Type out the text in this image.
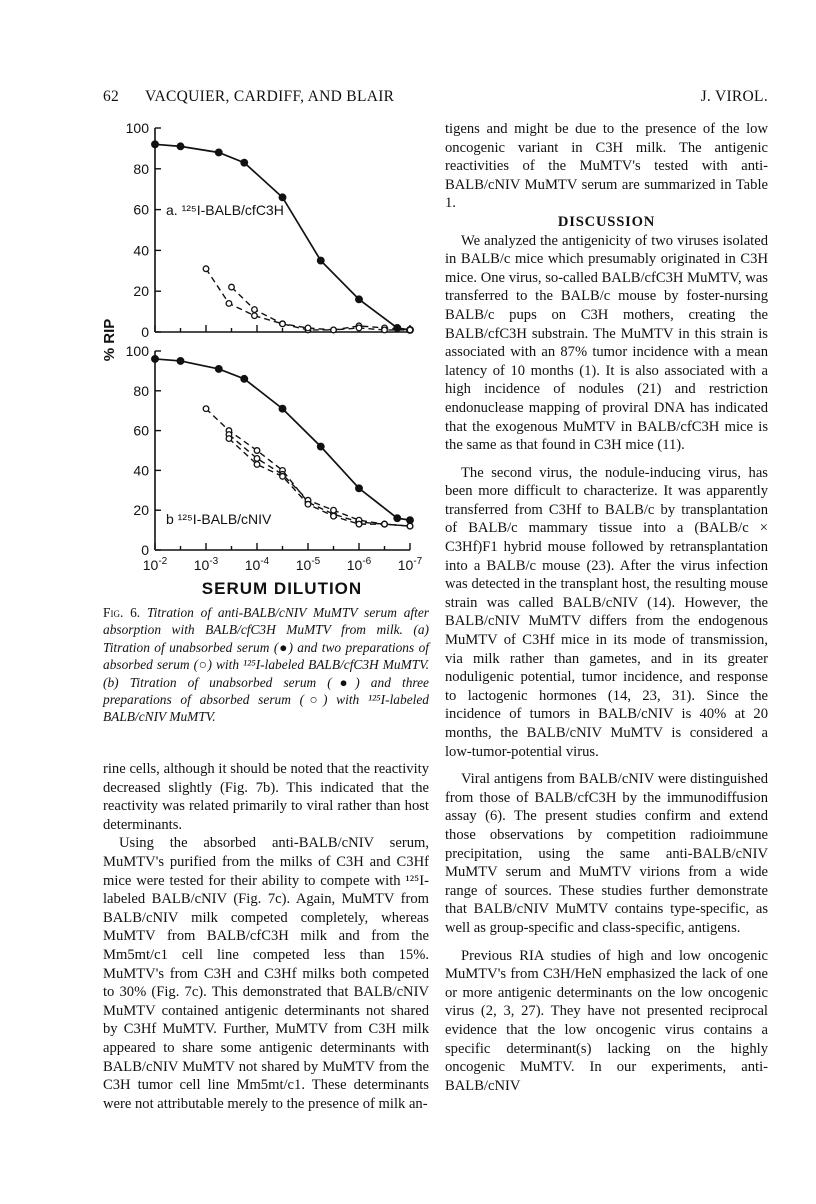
62 VACQUIER, CARDIFF, AND BLAIR	J. VIROL.
0
20
40
60
80
100
a. ¹²⁵I-BALB/cfC3H
0
20
40
60
80
b ¹²⁵I-BALB/cNIV
100
$10^{-2}$ $10^{-3}$ $10^{-4}$ $10^{-5}$ $10^{-6}$ $10^{-7}$
SERUM DILUTION
% RIP
Fig. 6. Titration of anti-BALB/cNIV MuMTV serum after absorption with BALB/cfC3H MuMTV from milk. (a) Titration of unabsorbed serum (●) and two preparations of absorbed serum (○) with ¹²⁵I-labeled BALB/cfC3H MuMTV. (b) Titration of unabsorbed serum (●) and three preparations of absorbed serum (○) with ¹²⁵I-labeled BALB/cNIV MuMTV.

rine cells, although it should be noted that the reactivity decreased slightly (Fig. 7b). This indicated that the reactivity was related primarily to viral rather than host determinants.

Using the absorbed anti-BALB/cNIV serum, MuMTV's purified from the milks of C3H and C3Hf mice were tested for their ability to compete with ¹²⁵I-labeled BALB/cNIV (Fig. 7c). Again, MuMTV from BALB/cNIV milk competed completely, whereas MuMTV from BALB/cfC3H milk and from the Mm5mt/c1 cell line competed less than 15%. MuMTV's from C3H and C3Hf milks both competed to 30% (Fig. 7c). This demonstrated that BALB/cNIV MuMTV contained antigenic determinants not shared by C3Hf MuMTV. Further, MuMTV from C3H milk appeared to share some antigenic determinants with BALB/cNIV MuMTV not shared by MuMTV from the C3H tumor cell line Mm5mt/c1. These determinants were not attributable merely to the presence of milk an-

tigens and might be due to the presence of the low oncogenic variant in C3H milk. The antigenic reactivities of the MuMTV's tested with anti-BALB/cNIV MuMTV serum are summarized in Table 1.

DISCUSSION

We analyzed the antigenicity of two viruses isolated in BALB/c mice which presumably originated in C3H mice. One virus, so-called BALB/cfC3H MuMTV, was transferred to the BALB/c mouse by foster-nursing BALB/c pups on C3H mothers, creating the BALB/cfC3H substrain. The MuMTV in this strain is associated with an 87% tumor incidence with a mean latency of 10 months (1). It is also associated with a high incidence of nodules (21) and restriction endonuclease mapping of proviral DNA has indicated that the exogenous MuMTV in BALB/cfC3H mice is the same as that found in C3H mice (11).

The second virus, the nodule-inducing virus, has been more difficult to characterize. It was apparently transferred from C3Hf to BALB/c by transplantation of BALB/c mammary tissue into a (BALB/c × C3Hf)F1 hybrid mouse followed by retransplantation into a BALB/c mouse (23). After the virus infection was detected in the transplant host, the resulting mouse strain was called BALB/cNIV (14). However, the BALB/cNIV MuMTV differs from the endogenous MuMTV of C3Hf mice in its mode of transmission, via milk rather than gametes, and in its greater noduligenic potential, tumor incidence, and response to lactogenic hormones (14, 23, 31). Since the incidence of tumors in BALB/cNIV is 40% at 20 months, the BALB/cNIV MuMTV is considered a low-tumor-potential virus.

Viral antigens from BALB/cNIV were distinguished from those of BALB/cfC3H by the immunodiffusion assay (6). The present studies confirm and extend those observations by competition radioimmune precipitation, using the same anti-BALB/cNIV MuMTV serum and MuMTV virions from a wide range of sources. These studies further demonstrate that BALB/cNIV MuMTV contains type-specific, as well as group-specific and class-specific, antigens.

Previous RIA studies of high and low oncogenic MuMTV's from C3H/HeN emphasized the lack of one or more antigenic determinants on the low oncogenic virus (2, 3, 27). They have not presented reciprocal evidence that the low oncogenic virus contains a specific determinant(s) lacking on the highly oncogenic MuMTV. In our experiments, anti-BALB/cNIV
